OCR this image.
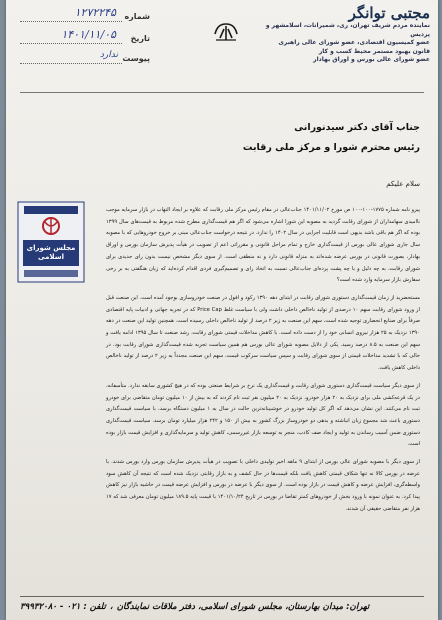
مجتبی توانگر
نماینده مردم شریف تهران، ری، شمیرانات، اسلامشهر و پردیس
عضو کمیسیون اقتصادی، عضو شورای عالی راهبری قانون بهبود مستمر محیط کسب و کار
عضو شورای عالی بورس و اوراق بهادار
شماره
۱۲۷۲۲۴۵
تاریخ
۱۴۰۱/۱۱/۰۵
پیوست
ندارد
جناب آقای دکتر سیدنورانی
رئیس محترم شورا و مرکز ملی رقابت
سلام علیکم
مجلس شورای اسلامی

پیرو نامه شماره ۱۷۷۵-۱۰۰-۱۰۰ ص مورخ ۱۴۰۱/۱۱/۰۲ جناب‌عالی در مقام رئیس مرکز ملی رقابت که علاوه بر ایجاد التهاب در بازار سرمایه موجب ناامیدی سهامداران از شورای رقابت گردید به مصوبه این شورا اشاره می‌شود که اگر هم قیمت‌گذاری مطرح شده مربوط به قیمت‌های سال ۱۳۹۹ بوده که اگر هم باقی باشد بدیهی است قابلیت اجرایی در سال ۱۴۰۲ را ندارد. در نتیجه درخواست جناب‌عالی مبنی بر خروج خودروهایی که با مصوبه سال جاری شورای عالی بورس از قیمت‌گذاری خارج و تمام مراحل قانونی و مقرراتی اعم از تصویب در هیأت پذیرش سازمان بورس و اوراق بهادار، بصورت قانونی در بورس عرضه شده‌اند به منزله قانونی دارد و نه منطقی است. از سوی دیگر مشخص نیست بدون رای جدیدی برای شورای رقابت، به چه دلیل و با چه پشت پرده‌ای جناب‌عالی نسبت به اتخاذ رای و تصمیم‌گیری فردی اقدام کرده‌اید که زیان هنگفتی به بر رخی سفارش بازار سرمایه وارد شده است؟

مستحضرید از زمان قیمت‌گذاری دستوری شورای رقابت در ابتدای دهه ۱۳۹۰ رکود و افول در صنعت خودروسازی بوجود آمده است. این صنعت قبل از ورود شورای رقابت سهم ۱۰ درصدی از تولید ناخالص داخلی داشت ولی با سیاست غلط Price Cap که در تجربه جهانی و ادبیات پایه اقتصادی صرفاً برای صنایع انحصاری توجیه شده است، سهم این صنعت به زیر ۲ درصد از تولید ناخالص داخلی رسیده است. همچنین تولید این صنعت در دهه ۱۳۹۰ نزدیک به ۲۵ هزار نیروی انسانی خود را از دست داده است. با کاهش مداخلات قیمتی شورای رقابت، رشد صنعت تا سال ۱۳۹۵ ادامه یافت و سهم این صنعت به ۸.۵ درصد رسید. یکی از دلایل مصوبه شورای عالی بورس هم همین سیاست تجربه شده قیمت‌گذاری شورای رقابت بود. در حالی که با تشدید مداخلات قیمتی از سوی شورای رقابت و سپس سیاست سرکوب قیمت، سهم این صنعت مجدداً به زیر ۲ درصد از تولید ناخالص داخلی کاهش یافت.

از سوی دیگر سیاست قیمت‌گذاری دستوری شورای رقابت و قیمت‌گذاری یک نرخ بر شرایط صنعتی بوده که در هیچ کشوری سابقه ندارد. متأسفانه، در یک قرعه‌کشی ملی برای نزدیک به ۲۰ هزار خودرو، نزدیک به ۲۰ میلیون نفر ثبت نام کردند که به بیش از ۱۰ میلیون تومان متقاضی برای خودرو تبت نام می‌کنند. این نشان می‌دهد که اگر کل تولید خودرو در خوشبینانه‌ترین حالت در سال به ۱ میلیون دستگاه برسد، با سیاست قیمت‌گذاری دستوری باعث شد مجموع زیان انباشته و بدهی دو خودروساز بزرگ کشور به بیش از ۱۵۰ و ۲۴۲ هزار میلیارد تومان برسد. سیاست قیمت‌گذاری دستوری ضمن آسیب رساندن به تولید و ایجاد صف کاذب، منجر به توسعه بازار غیررسمی، کاهش تولید و سرمایه‌گذاری و افزایش قیمت بازار بوده است.

از سوی دیگر با مصوبه شورای عالی بورس از ابتدای ۹ ماهه اخیر تولیدی داخلی با تصویب در هیأت پذیرش سازمان بورس وارد بورس شدند. با عرضه در بورس کالا نه تنها شکاف قیمتی کاهش یافت بلکه قیمت‌ها در حال کشف و به بازار رقابتی نزدیک شده است که نتیجه آن کاهش سود واسطه‌گری، افزایش عرضه و کاهش قیمت در بازار بوده است. از سوی دیگر با عرضه در بورس و افزایش عرضه قیمت در حاشیه بازار نیز کاهش پیدا کرد. به عنوان نمونه با ورود بخش از خودروهای کمتر تقاضا در بورس در تاریخ ۱۴۰۱/۱۰/۲۴ با قیمت پایه ۱۸۹.۵ میلیون تومان معرفی شد که ۱۷ هزار نفر متقاضی حقیقی آن شدند.

تهران: میدان بهارستان، مجلس شورای اسلامی، دفتر ملاقات نمایندگان
،
تلفن
:
۳۹۹۳۲۰۸۰ - ۰۲۱
